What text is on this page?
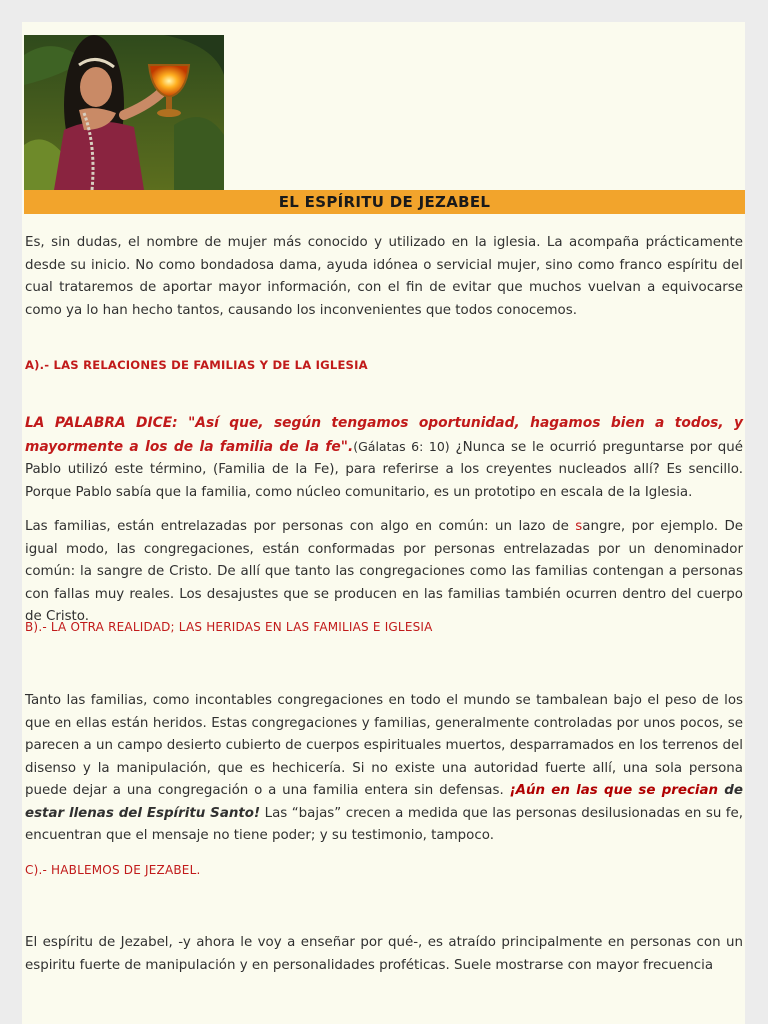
EL ESPÍRITU DE JEZABEL
Es, sin dudas, el nombre de mujer más conocido y utilizado en la iglesia. La acompaña prácticamente desde su inicio. No como bondadosa dama, ayuda idónea o servicial mujer, sino como franco espíritu del cual trataremos de aportar mayor información, con el fin de evitar que muchos vuelvan a equivocarse como ya lo han hecho tantos, causando los inconvenientes que todos conocemos.
A).- LAS RELACIONES DE FAMILIAS Y DE LA IGLESIA
LA PALABRA DICE: "Así que, según tengamos oportunidad, hagamos bien a todos, y mayormente a los de la familia de la fe".(Gálatas 6: 10) ¿Nunca se le ocurrió preguntarse por qué Pablo utilizó este término, (Familia de la Fe), para referirse a los creyentes nucleados allí? Es sencillo. Porque Pablo sabía que la familia, como núcleo comunitario, es un prototipo en escala de la Iglesia.
Las familias, están entrelazadas por personas con algo en común: un lazo de sangre, por ejemplo. De igual modo, las congregaciones, están conformadas por personas entrelazadas por un denominador común: la sangre de Cristo. De allí que tanto las congregaciones como las familias contengan a personas con fallas muy reales. Los desajustes que se producen en las familias también ocurren dentro del cuerpo de Cristo.
B).- LA OTRA REALIDAD; LAS HERIDAS EN LAS FAMILIAS E IGLESIA
Tanto las familias, como incontables congregaciones en todo el mundo se tambalean bajo el peso de los que en ellas están heridos. Estas congregaciones y familias, generalmente controladas por unos pocos, se parecen a un campo desierto cubierto de cuerpos espirituales muertos, desparramados en los terrenos del disenso y la manipulación, que es hechicería. Si no existe una autoridad fuerte allí, una sola persona puede dejar a una congregación o a una familia entera sin defensas. ¡Aún en las que se precian de estar llenas del Espíritu Santo! Las “bajas” crecen a medida que las personas desilusionadas en su fe, encuentran que el mensaje no tiene poder; y su testimonio, tampoco.
C).- HABLEMOS DE JEZABEL.
El espíritu de Jezabel, -y ahora le voy a enseñar por qué-, es atraído principalmente en personas con un espiritu fuerte de manipulación y en personalidades proféticas. Suele mostrarse con mayor frecuencia
